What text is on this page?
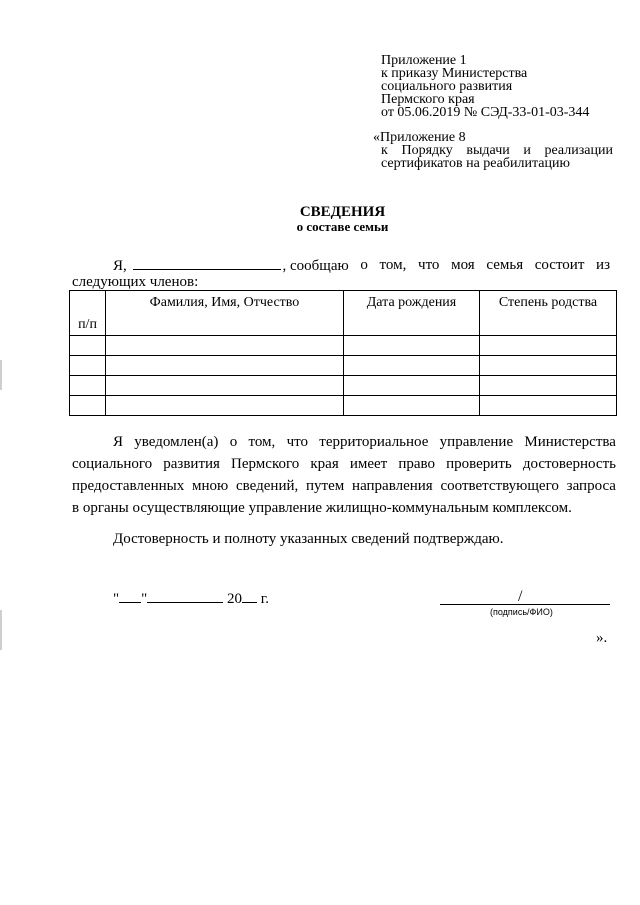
Приложение 1
к приказу Министерства
социального развития
Пермского края
от 05.06.2019 № СЭД-33-01-03-344
«Приложение 8
к Порядку выдачи и реализации
сертификатов на реабилитацию
СВЕДЕНИЯ
о составе семьи
Я,	, сообщаю о том, что моя семья состоит из
следующих членов:
п/п	Фамилия, Имя, Отчество	Дата рождения	Степень родства

Я уведомлен(а) о том, что территориальное управление Министерства
социального развития Пермского края имеет право проверить достоверность
предоставленных мною сведений, путем направления соответствующего запроса
в органы осуществляющие управление жилищно-коммунальным комплексом.
Достоверность и полноту указанных сведений подтверждаю.
" "	20 г.	/
(подпись/ФИО)
».
